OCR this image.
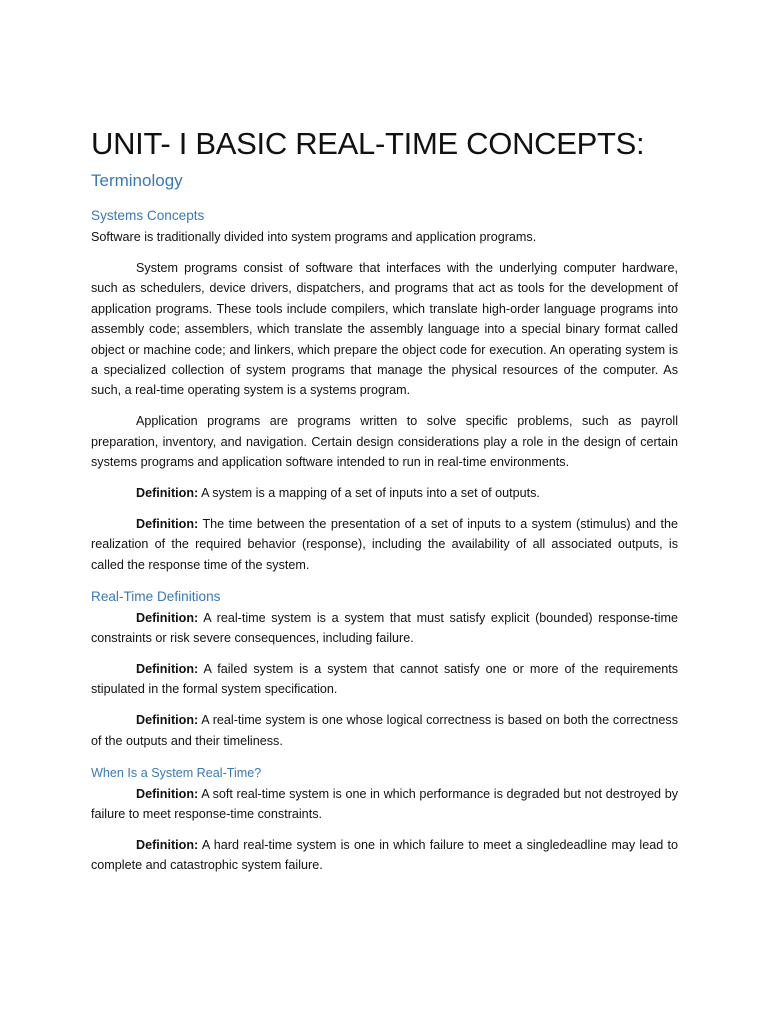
UNIT- I BASIC REAL-TIME CONCEPTS:
Terminology
Systems Concepts

Software is traditionally divided into system programs and application programs.

System programs consist of software that interfaces with the underlying computer hardware, such as schedulers, device drivers, dispatchers, and programs that act as tools for the development of application programs. These tools include compilers, which translate high-order language programs into assembly code; assemblers, which translate the assembly language into a special binary format called object or machine code; and linkers, which prepare the object code for execution. An operating system is a specialized collection of system programs that manage the physical resources of the computer. As such, a real-time operating system is a systems program.

Application programs are programs written to solve specific problems, such as payroll preparation, inventory, and navigation. Certain design considerations play a role in the design of certain systems programs and application software intended to run in real-time environments.

Definition: A system is a mapping of a set of inputs into a set of outputs.

Definition: The time between the presentation of a set of inputs to a system (stimulus) and the realization of the required behavior (response), including the availability of all associated outputs, is called the response time of the system.

Real-Time Definitions

Definition: A real-time system is a system that must satisfy explicit (bounded) response-time constraints or risk severe consequences, including failure.

Definition: A failed system is a system that cannot satisfy one or more of the requirements stipulated in the formal system specification.

Definition: A real-time system is one whose logical correctness is based on both the correctness of the outputs and their timeliness.

When Is a System Real-Time?

Definition: A soft real-time system is one in which performance is degraded but not destroyed by failure to meet response-time constraints.

Definition: A hard real-time system is one in which failure to meet a singledeadline may lead to complete and catastrophic system failure.
